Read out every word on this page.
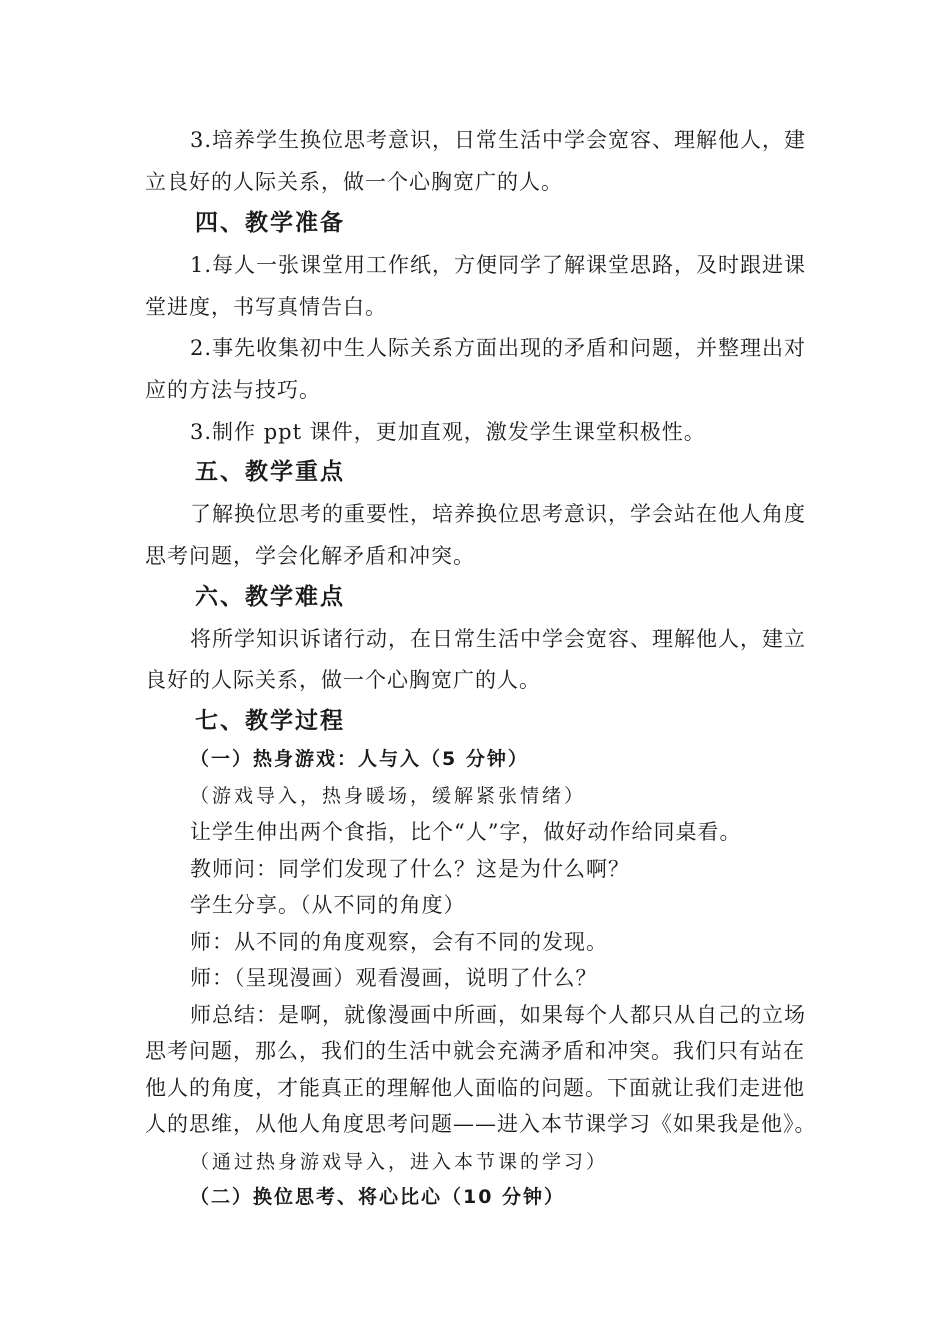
3.培养学生换位思考意识，日常生活中学会宽容、理解他人，建
立良好的人际关系，做一个心胸宽广的人。
四、教学准备
1.每人一张课堂用工作纸，方便同学了解课堂思路，及时跟进课
堂进度，书写真情告白。
2.事先收集初中生人际关系方面出现的矛盾和问题，并整理出对
应的方法与技巧。
3.制作 ppt 课件，更加直观，激发学生课堂积极性。
五、教学重点
了解换位思考的重要性，培养换位思考意识，学会站在他人角度
思考问题，学会化解矛盾和冲突。
六、教学难点
将所学知识诉诸行动，在日常生活中学会宽容、理解他人，建立
良好的人际关系，做一个心胸宽广的人。
七、教学过程
（一）热身游戏：人与入（5 分钟）
（游戏导入，热身暖场，缓解紧张情绪）
让学生伸出两个食指，比个“人”字，做好动作给同桌看。
教师问：同学们发现了什么？这是为什么啊？
学生分享。（从不同的角度）
师：从不同的角度观察，会有不同的发现。
师：（呈现漫画）观看漫画，说明了什么？
师总结：是啊，就像漫画中所画，如果每个人都只从自己的立场
思考问题，那么，我们的生活中就会充满矛盾和冲突。我们只有站在
他人的角度，才能真正的理解他人面临的问题。下面就让我们走进他
人的思维，从他人角度思考问题——进入本节课学习《如果我是他》。
（通过热身游戏导入，进入本节课的学习）
（二）换位思考、将心比心（10 分钟）
